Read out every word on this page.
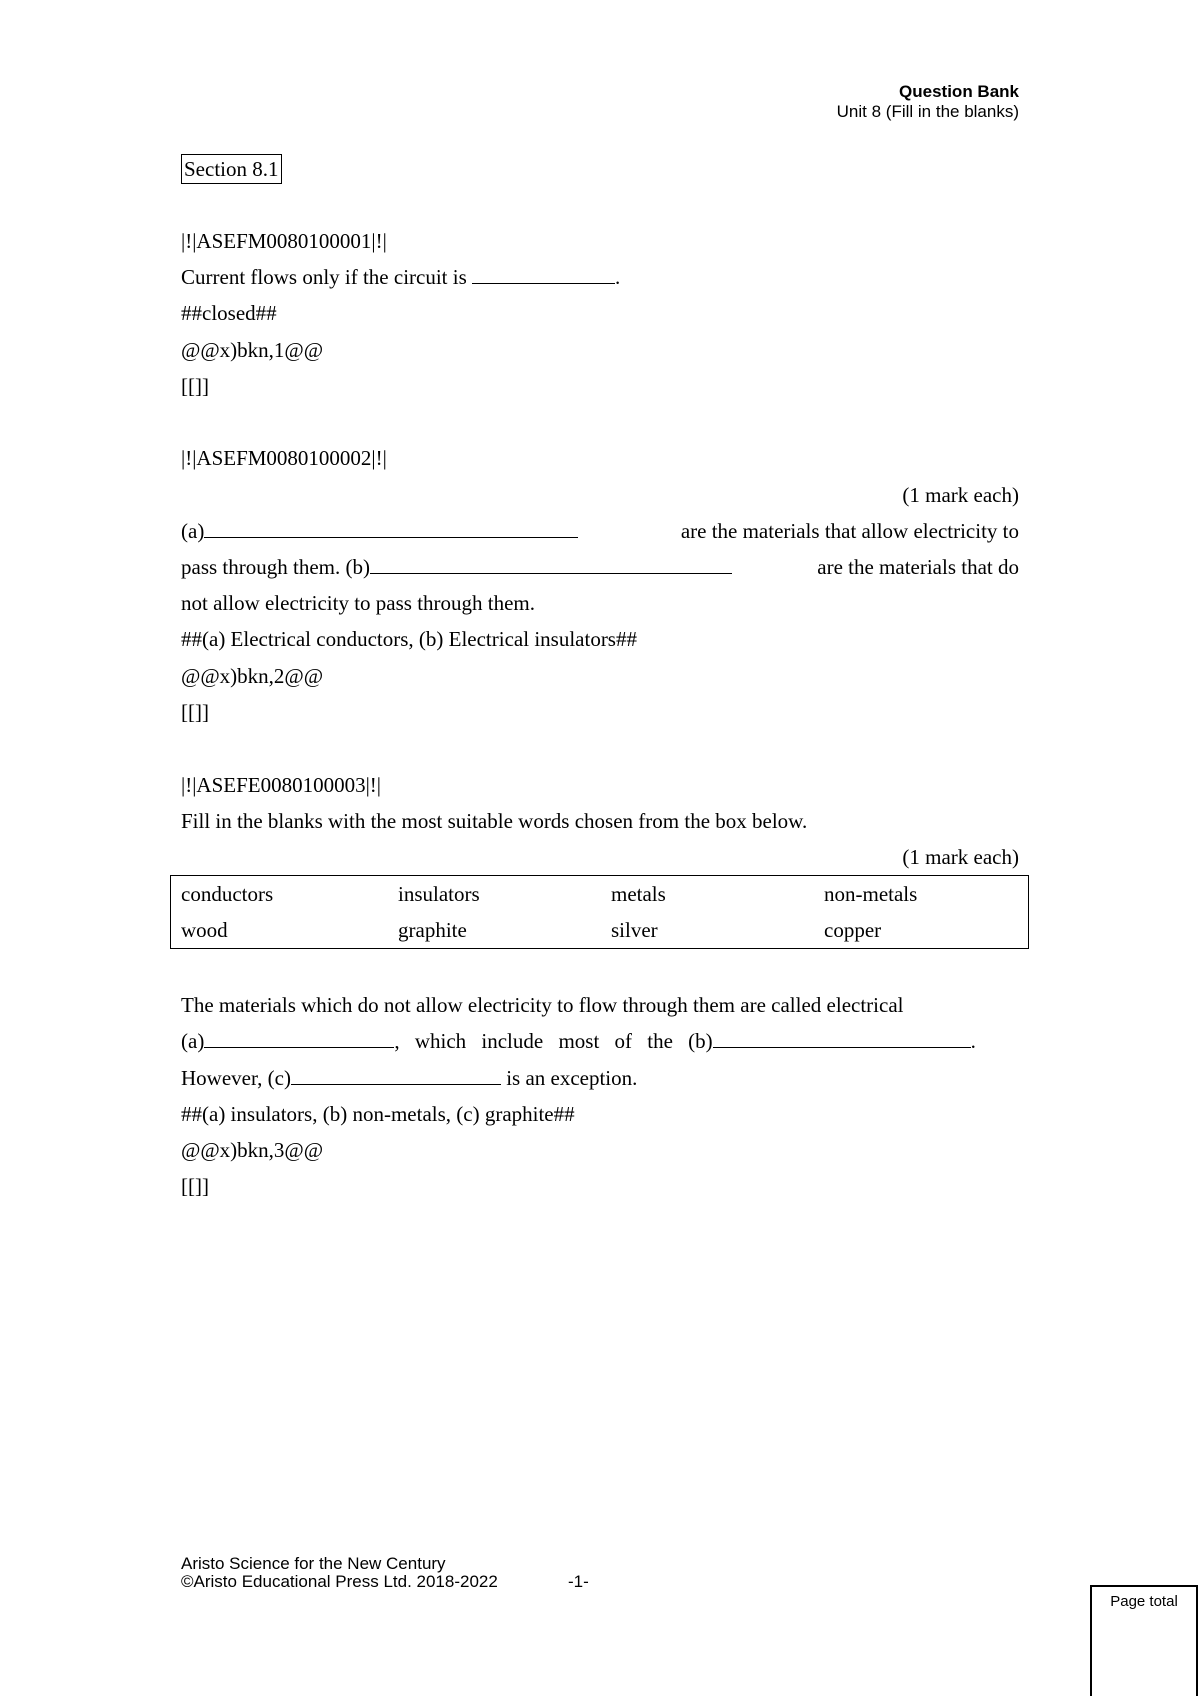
Question Bank
Unit 8 (Fill in the blanks)
Section 8.1
|!|ASEFM0080100001|!|
Current flows only if the circuit is	.
##closed##
@@x)bkn,1@@
[[]]
|!|ASEFM0080100002|!|
(1 mark each)
(a)	are the materials that allow electricity to
pass through them. (b)	are the materials that do
not allow electricity to pass through them.
##(a) Electrical conductors, (b) Electrical insulators##
@@x)bkn,2@@
[[]]
|!|ASEFE0080100003|!|
Fill in the blanks with the most suitable words chosen from the box below.
(1 mark each)
The materials which do not allow electricity to flow through them are called electrical
(a)	, which include most of the (b)	.
However, (c)	is an exception.
##(a) insulators, (b) non-metals, (c) graphite##
@@x)bkn,3@@
[[]]
conductors	insulators	metals	non-metals
wood	graphite	silver	copper
Aristo Science for the New Century
©Aristo Educational Press Ltd. 2018-2022	-1-
Page total
